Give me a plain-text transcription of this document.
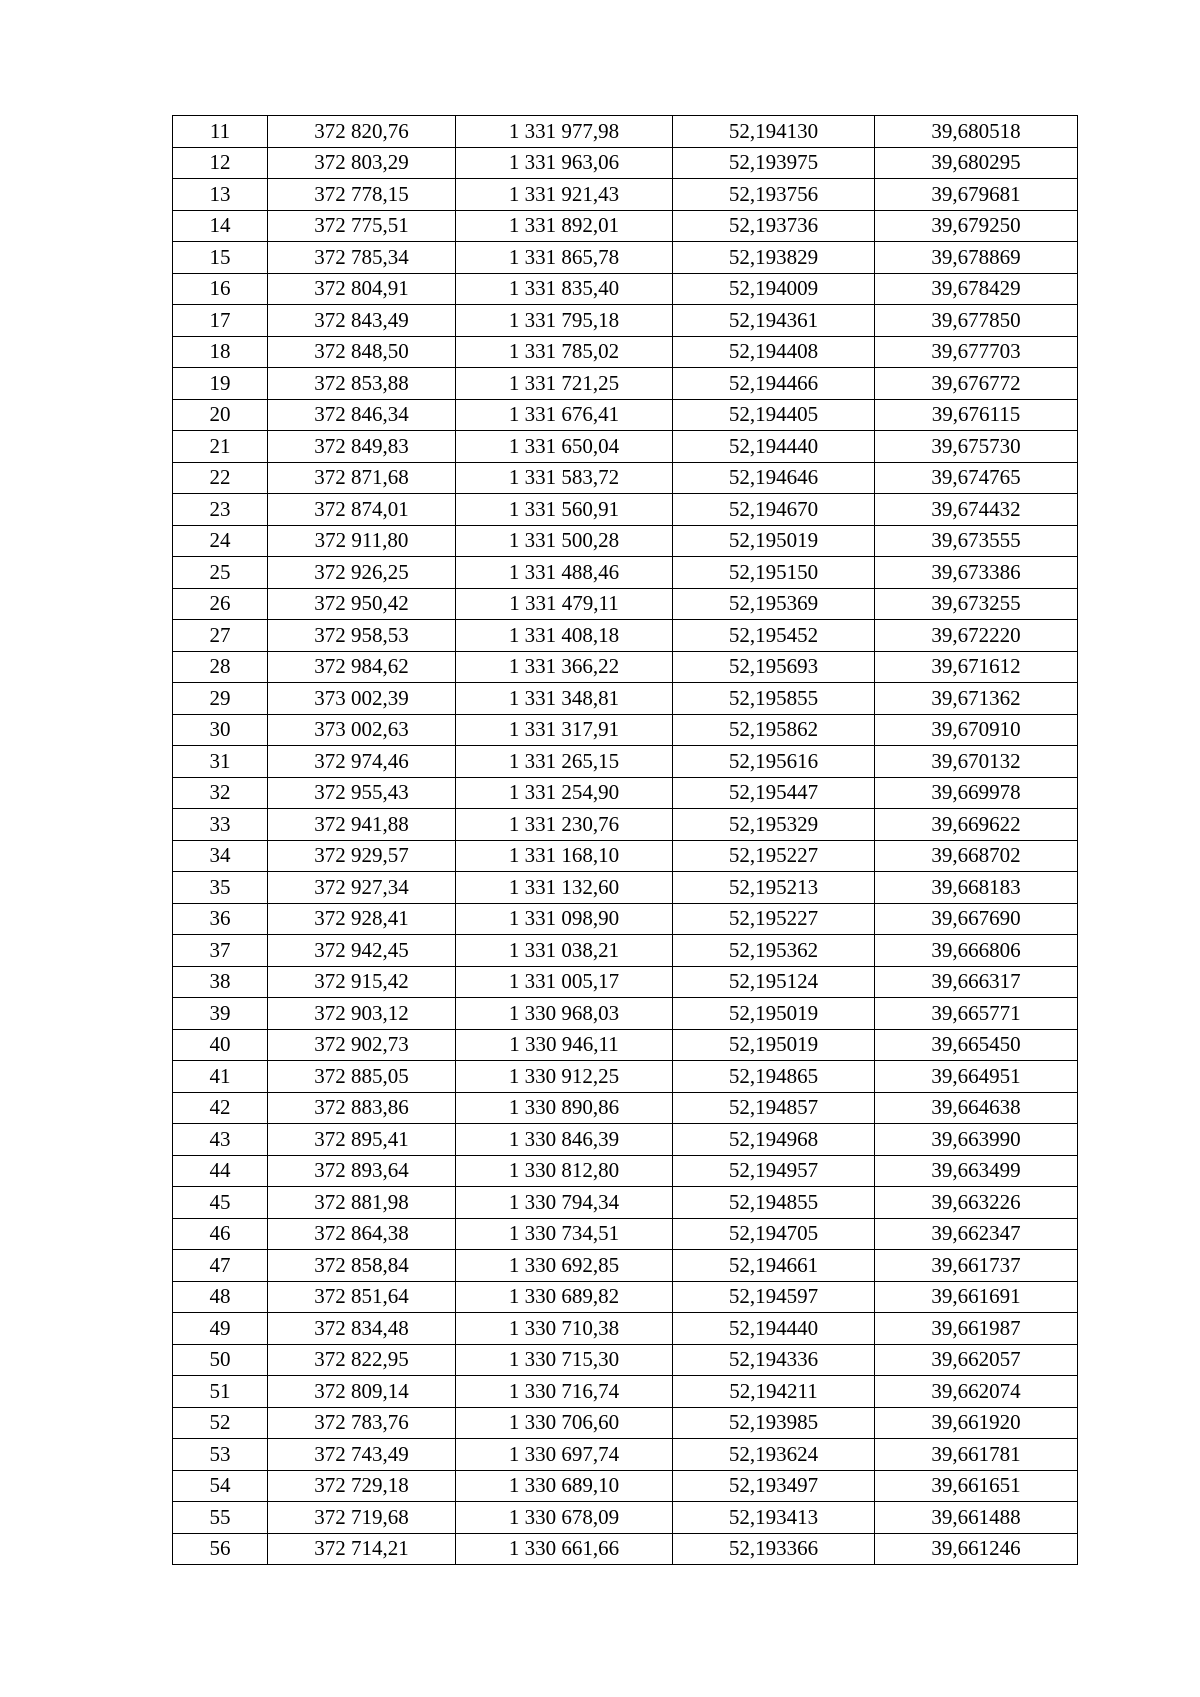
11	372 820,76	1 331 977,98	52,194130	39,680518
12	372 803,29	1 331 963,06	52,193975	39,680295
13	372 778,15	1 331 921,43	52,193756	39,679681
14	372 775,51	1 331 892,01	52,193736	39,679250
15	372 785,34	1 331 865,78	52,193829	39,678869
16	372 804,91	1 331 835,40	52,194009	39,678429
17	372 843,49	1 331 795,18	52,194361	39,677850
18	372 848,50	1 331 785,02	52,194408	39,677703
19	372 853,88	1 331 721,25	52,194466	39,676772
20	372 846,34	1 331 676,41	52,194405	39,676115
21	372 849,83	1 331 650,04	52,194440	39,675730
22	372 871,68	1 331 583,72	52,194646	39,674765
23	372 874,01	1 331 560,91	52,194670	39,674432
24	372 911,80	1 331 500,28	52,195019	39,673555
25	372 926,25	1 331 488,46	52,195150	39,673386
26	372 950,42	1 331 479,11	52,195369	39,673255
27	372 958,53	1 331 408,18	52,195452	39,672220
28	372 984,62	1 331 366,22	52,195693	39,671612
29	373 002,39	1 331 348,81	52,195855	39,671362
30	373 002,63	1 331 317,91	52,195862	39,670910
31	372 974,46	1 331 265,15	52,195616	39,670132
32	372 955,43	1 331 254,90	52,195447	39,669978
33	372 941,88	1 331 230,76	52,195329	39,669622
34	372 929,57	1 331 168,10	52,195227	39,668702
35	372 927,34	1 331 132,60	52,195213	39,668183
36	372 928,41	1 331 098,90	52,195227	39,667690
37	372 942,45	1 331 038,21	52,195362	39,666806
38	372 915,42	1 331 005,17	52,195124	39,666317
39	372 903,12	1 330 968,03	52,195019	39,665771
40	372 902,73	1 330 946,11	52,195019	39,665450
41	372 885,05	1 330 912,25	52,194865	39,664951
42	372 883,86	1 330 890,86	52,194857	39,664638
43	372 895,41	1 330 846,39	52,194968	39,663990
44	372 893,64	1 330 812,80	52,194957	39,663499
45	372 881,98	1 330 794,34	52,194855	39,663226
46	372 864,38	1 330 734,51	52,194705	39,662347
47	372 858,84	1 330 692,85	52,194661	39,661737
48	372 851,64	1 330 689,82	52,194597	39,661691
49	372 834,48	1 330 710,38	52,194440	39,661987
50	372 822,95	1 330 715,30	52,194336	39,662057
51	372 809,14	1 330 716,74	52,194211	39,662074
52	372 783,76	1 330 706,60	52,193985	39,661920
53	372 743,49	1 330 697,74	52,193624	39,661781
54	372 729,18	1 330 689,10	52,193497	39,661651
55	372 719,68	1 330 678,09	52,193413	39,661488
56	372 714,21	1 330 661,66	52,193366	39,661246
